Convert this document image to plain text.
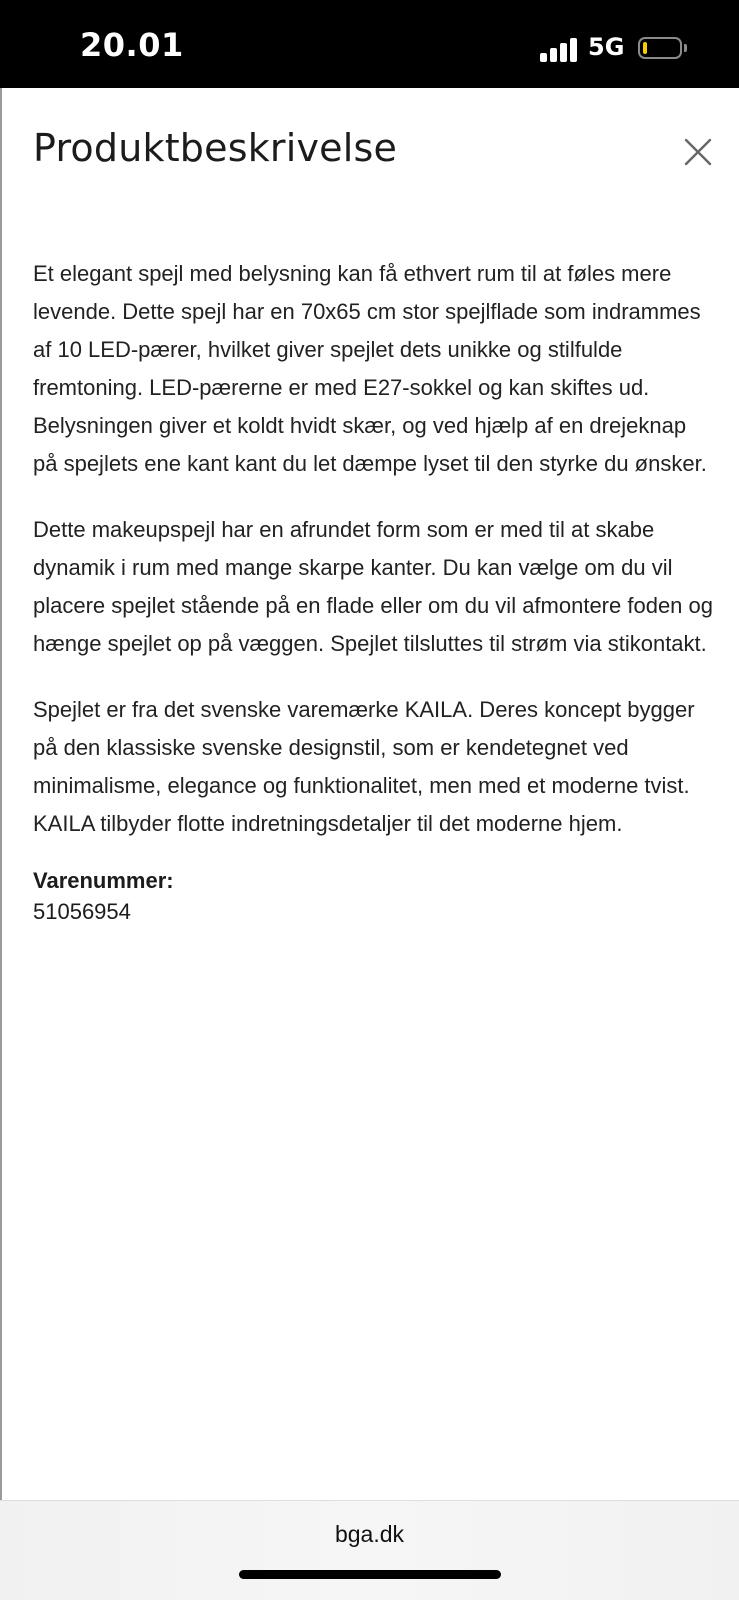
20.01	5G
Produktbeskrivelse

Et elegant spejl med belysning kan få ethvert rum til at føles mere levende. Dette spejl har en 70x65 cm stor spejlflade som indrammes af 10 LED-pærer, hvilket giver spejlet dets unikke og stilfulde fremtoning. LED-pærerne er med E27-sokkel og kan skiftes ud. Belysningen giver et koldt hvidt skær, og ved hjælp af en drejeknap på spejlets ene kant kant du let dæmpe lyset til den styrke du ønsker.

Dette makeupspejl har en afrundet form som er med til at skabe dynamik i rum med mange skarpe kanter. Du kan vælge om du vil placere spejlet stående på en flade eller om du vil afmontere foden og hænge spejlet op på væggen. Spejlet tilsluttes til strøm via stikontakt.

Spejlet er fra det svenske varemærke KAILA. Deres koncept bygger på den klassiske svenske designstil, som er kendetegnet ved minimalisme, elegance og funktionalitet, men med et moderne tvist. KAILA tilbyder flotte indretningsdetaljer til det moderne hjem.

Varenummer:
51056954
bga.dk
